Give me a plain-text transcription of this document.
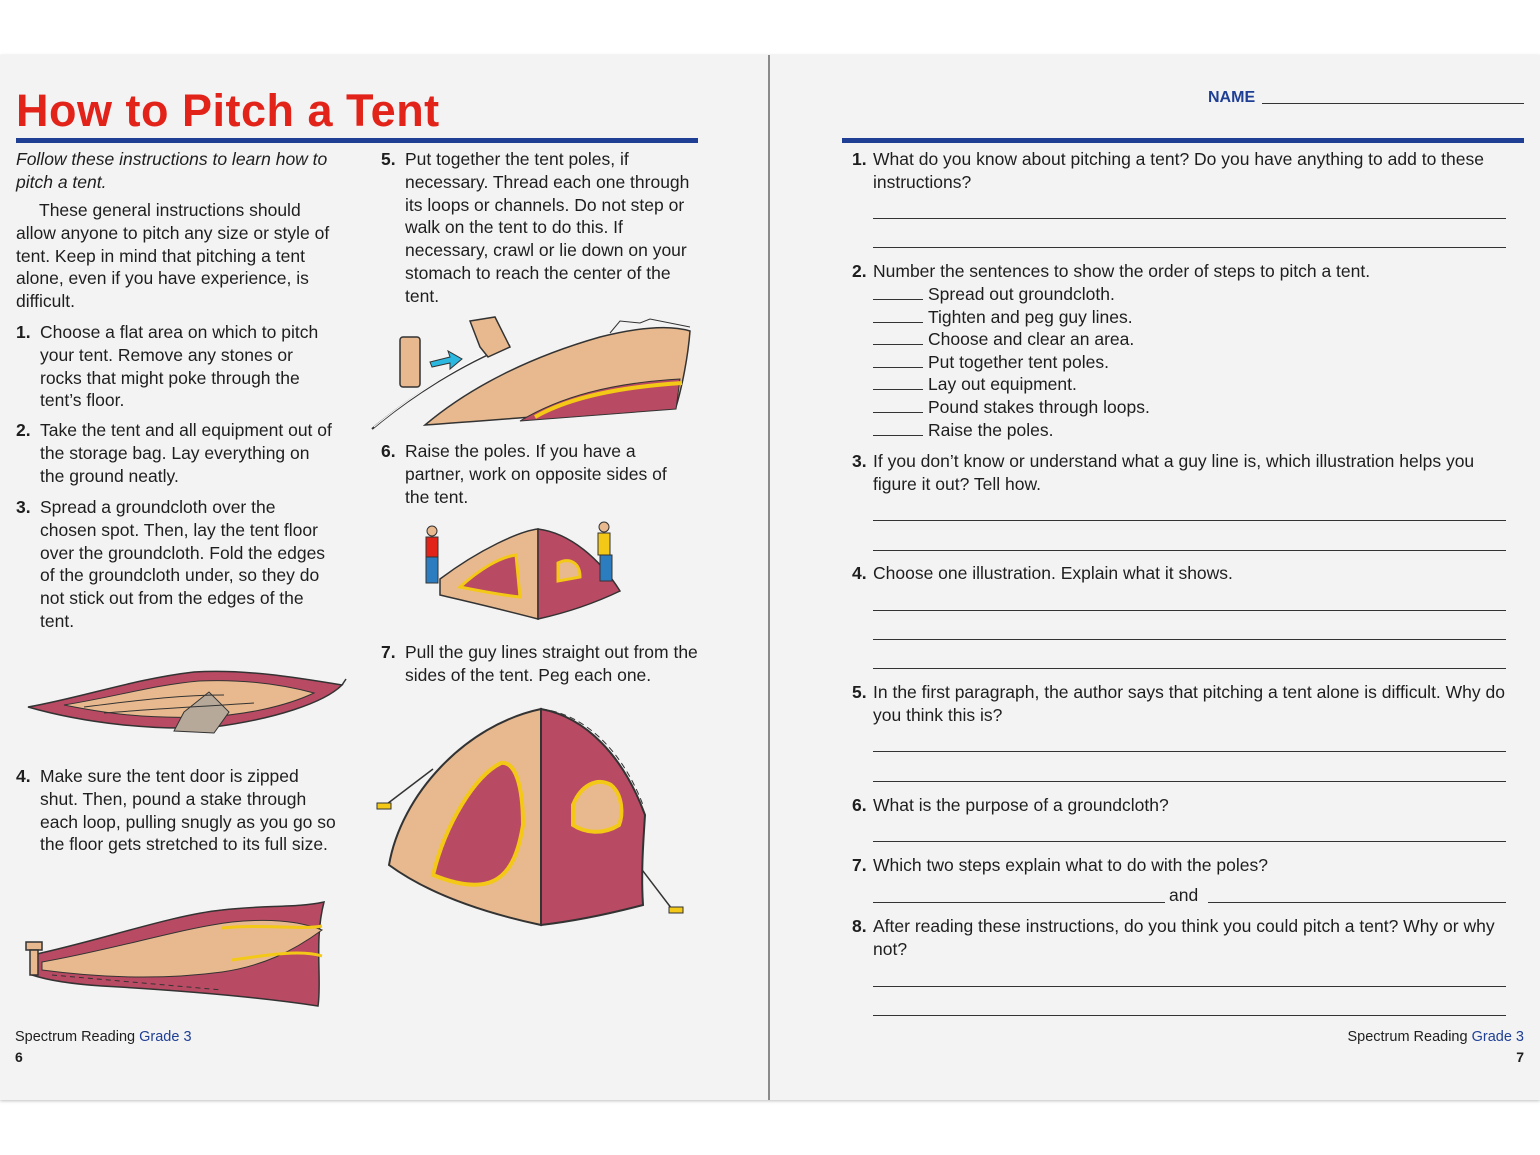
How to Pitch a Tent
Follow these instructions to learn how to pitch a tent.
These general instructions should allow anyone to pitch any size or style of tent. Keep in mind that pitching a tent alone, even if you have experience, is difficult.
1. Choose a flat area on which to pitch your tent. Remove any stones or rocks that might poke through the tent’s floor.
2. Take the tent and all equipment out of the storage bag. Lay everything on the ground neatly.
3. Spread a groundcloth over the chosen spot. Then, lay the tent floor over the groundcloth. Fold the edges of the groundcloth under, so they do not stick out from the edges of the tent.
4. Make sure the tent door is zipped shut. Then, pound a stake through each loop, pulling snugly as you go so the floor gets stretched to its full size.
Spectrum Reading Grade 3
6
5. Put together the tent poles, if necessary. Thread each one through its loops or channels. Do not step or walk on the tent to do this. If necessary, crawl or lie down on your stomach to reach the center of the tent.
6. Raise the poles. If you have a partner, work on opposite sides of the tent.
7. Pull the guy lines straight out from the sides of the tent. Peg each one.
NAME
1. What do you know about pitching a tent? Do you have anything to add to these instructions?
2. Number the sentences to show the order of steps to pitch a tent.
Spread out groundcloth.
Tighten and peg guy lines.
Choose and clear an area.
Put together tent poles.
Lay out equipment.
Pound stakes through loops.
Raise the poles.
3. If you don’t know or understand what a guy line is, which illustration helps you figure it out? Tell how.
4. Choose one illustration. Explain what it shows.
5. In the first paragraph, the author says that pitching a tent alone is difficult. Why do you think this is?
6. What is the purpose of a groundcloth?
7. Which two steps explain what to do with the poles?
and
8. After reading these instructions, do you think you could pitch a tent? Why or why not?
Spectrum Reading Grade 3
7
